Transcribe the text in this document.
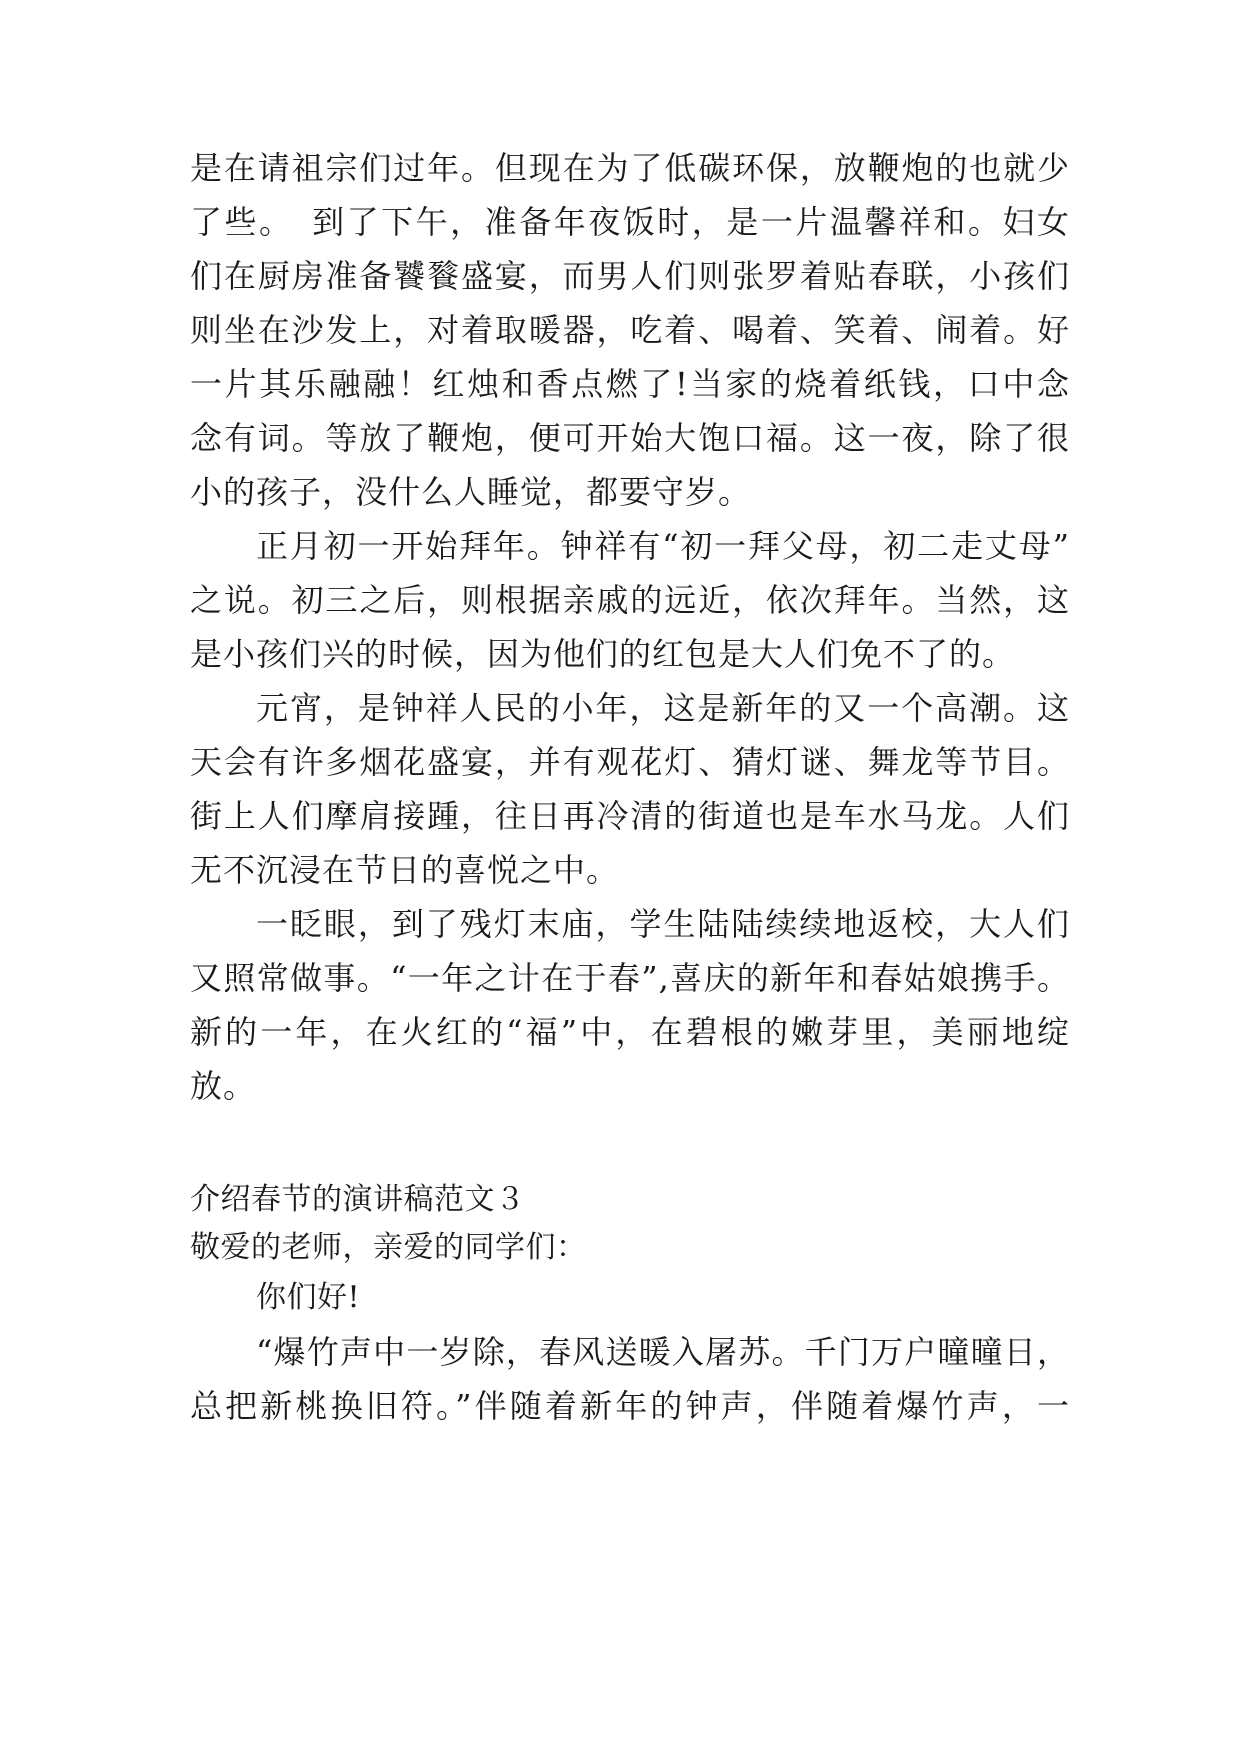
是在请祖宗们过年。但现在为了低碳环保，放鞭炮的也就少
了些。　到了下午，准备年夜饭时，是一片温馨祥和。妇女
们在厨房准备饕餮盛宴，而男人们则张罗着贴春联，小孩们
则坐在沙发上，对着取暖器，吃着、喝着、笑着、闹着。好
一片其乐融融！红烛和香点燃了!当家的烧着纸钱，口中念
念有词。等放了鞭炮，便可开始大饱口福。这一夜，除了很
小的孩子，没什么人睡觉，都要守岁。
正月初一开始拜年。钟祥有“初一拜父母，初二走丈母”
之说。初三之后，则根据亲戚的远近，依次拜年。当然，这
是小孩们兴的时候，因为他们的红包是大人们免不了的。
元宵，是钟祥人民的小年，这是新年的又一个高潮。这
天会有许多烟花盛宴，并有观花灯、猜灯谜、舞龙等节目。
街上人们摩肩接踵，往日再冷清的街道也是车水马龙。人们
无不沉浸在节日的喜悦之中。
一眨眼，到了残灯末庙，学生陆陆续续地返校，大人们
又照常做事。“一年之计在于春”,喜庆的新年和春姑娘携手。
新的一年，在火红的“福”中，在碧根的嫩芽里，美丽地绽
放。
介绍春节的演讲稿范文３
敬爱的老师，亲爱的同学们：
你们好!
“爆竹声中一岁除，春风送暖入屠苏。千门万户曈曈日，
总把新桃换旧符。”伴随着新年的钟声，伴随着爆竹声，一
